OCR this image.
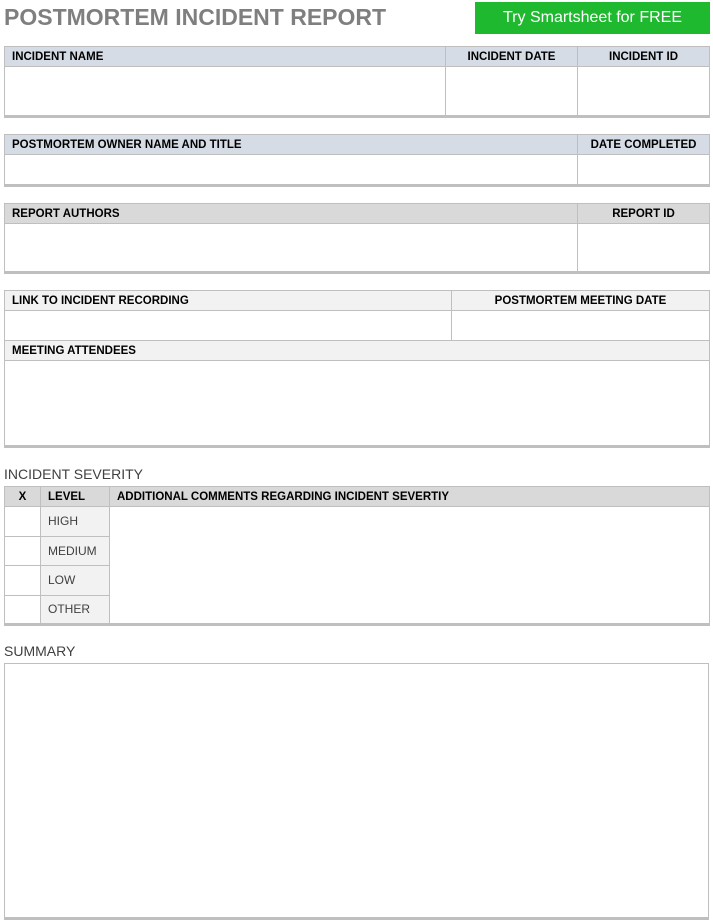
POSTMORTEM INCIDENT REPORT	Try Smartsheet for FREE
INCIDENT NAME	INCIDENT DATE	INCIDENT ID

POSTMORTEM OWNER NAME AND TITLE	DATE COMPLETED

REPORT AUTHORS	REPORT ID

LINK TO INCIDENT RECORDING	POSTMORTEM MEETING DATE

MEETING ATTENDEES	

INCIDENT SEVERITY
X	LEVEL	ADDITIONAL COMMENTS REGARDING INCIDENT SEVERTIY
	HIGH	
	MEDIUM	
	LOW	
	OTHER	
SUMMARY
